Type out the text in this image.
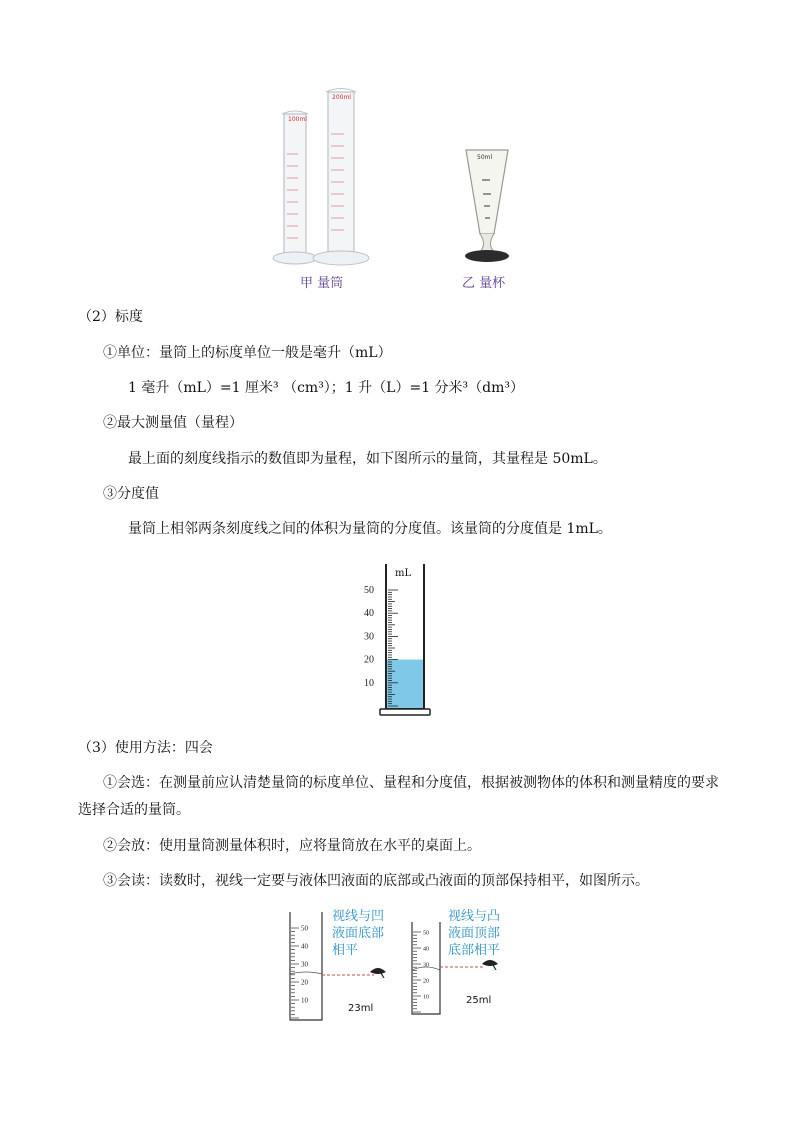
100ml
200ml
50ml
甲 量筒	乙 量杯
（2）标度
①单位：量筒上的标度单位一般是毫升（mL）
1 毫升（mL）=1 厘米³ （cm³）；1 升（L）=1 分米³（dm³）
②最大测量值（量程）
最上面的刻度线指示的数值即为量程，如下图所示的量筒，其量程是 50mL。
③分度值
量筒上相邻两条刻度线之间的体积为量筒的分度值。该量筒的分度值是 1mL。
50
40
30
20
10
mL
（3）使用方法：四会
①会选：在测量前应认清楚量筒的标度单位、量程和分度值，根据被测物体的体积和测量精度的要求
选择合适的量筒。
②会放：使用量筒测量体积时，应将量筒放在水平的桌面上。
③会读：读数时，视线一定要与液体凹液面的底部或凸液面的顶部保持相平，如图所示。
50
40
30
20
10
50
40
30
20
10
视线与凹
液面底部
相平
视线与凸
液面顶部
底部相平
23ml
25ml
